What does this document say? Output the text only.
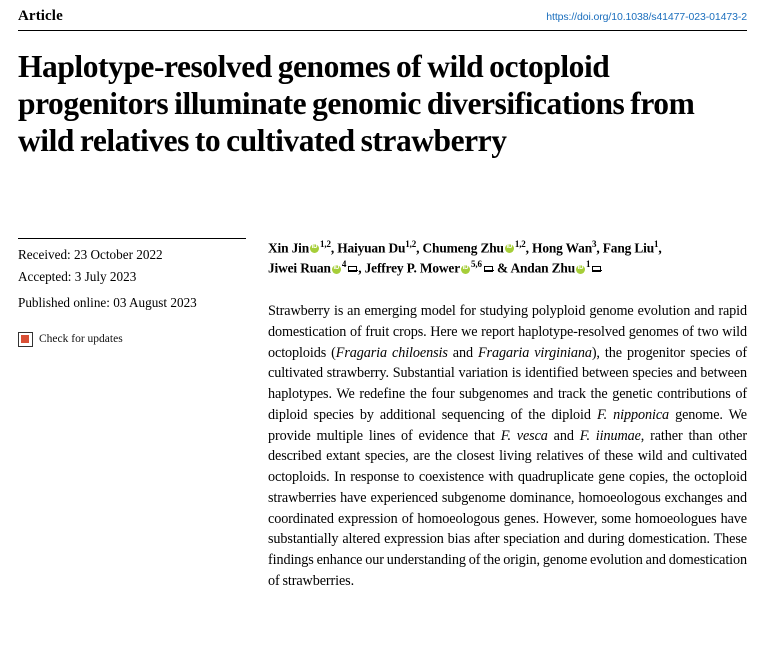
Article	https://doi.org/10.1038/s41477-023-01473-2
Haplotype-resolved genomes of wild octoploid progenitors illuminate genomic diversifications from wild relatives to cultivated strawberry

Received: 23 October 2022

Accepted: 3 July 2023

Published online: 03 August 2023

Check for updates

Xin Jin iD $^{1,2}$, Haiyuan Du$^{1,2}$, Chumeng Zhu iD $^{1,2}$, Hong Wan$^3$, Fang Liu$^1$,
Jiwei Ruan iD $^4$ , Jeffrey P. Mower iD $^{5,6}$ & Andan Zhu iD $^1$

Strawberry is an emerging model for studying polyploid genome evolution and rapid domestication of fruit crops. Here we report haplotype-resolved genomes of two wild octoploids (Fragaria chiloensis and Fragaria virginiana), the progenitor species of cultivated strawberry. Substantial variation is identified between species and between haplotypes. We redefine the four subgenomes and track the genetic contributions of diploid species by additional sequencing of the diploid F. nipponica genome. We provide multiple lines of evidence that F. vesca and F. iinumae, rather than other described extant species, are the closest living relatives of these wild and cultivated octoploids. In response to coexistence with quadruplicate gene copies, the octoploid strawberries have experienced subgenome dominance, homoeologous exchanges and coordinated expression of homoeologous genes. However, some homoeologues have substantially altered expression bias after speciation and during domestication. These findings enhance our understanding of the origin, genome evolution and domestication of strawberries.
